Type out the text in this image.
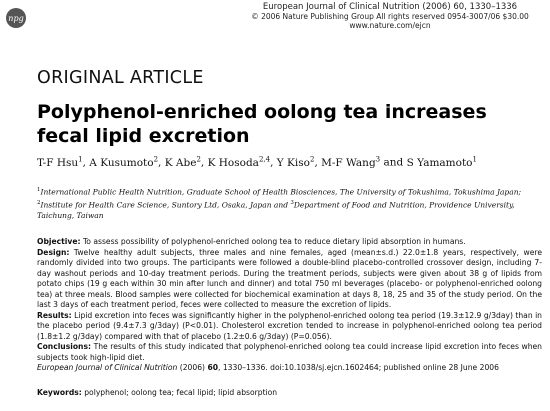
npg
European Journal of Clinical Nutrition (2006) 60, 1330–1336
© 2006 Nature Publishing Group All rights reserved 0954-3007/06 $30.00
www.nature.com/ejcn
ORIGINAL ARTICLE
Polyphenol-enriched oolong tea increases fecal lipid excretion
T-F Hsu$^1$, A Kusumoto$^2$, K Abe$^2$, K Hosoda$^{2,4}$, Y Kiso$^2$, M-F Wang$^3$ and S Yamamoto$^1$
$^1$International Public Health Nutrition, Graduate School of Health Biosciences, The University of Tokushima, Tokushima Japan;
$^2$Institute for Health Care Science, Suntory Ltd, Osaka, Japan and $^3$Department of Food and Nutrition, Providence University, Taichung, Taiwan

Objective: To assess possibility of polyphenol-enriched oolong tea to reduce dietary lipid absorption in humans.

Design: Twelve healthy adult subjects, three males and nine females, aged (mean±s.d.) 22.0±1.8 years, respectively, were randomly divided into two groups. The participants were followed a double-blind placebo-controlled crossover design, including 7-day washout periods and 10-day treatment periods. During the treatment periods, subjects were given about 38 g of lipids from potato chips (19 g each within 30 min after lunch and dinner) and total 750 ml beverages (placebo- or polyphenol-enriched oolong tea) at three meals. Blood samples were collected for biochemical examination at days 8, 18, 25 and 35 of the study period. On the last 3 days of each treatment period, feces were collected to measure the excretion of lipids.

Results: Lipid excretion into feces was significantly higher in the polyphenol-enriched oolong tea period (19.3±12.9 g/3day) than in the placebo period (9.4±7.3 g/3day) (P<0.01). Cholesterol excretion tended to increase in polyphenol-enriched oolong tea period (1.8±1.2 g/3day) compared with that of placebo (1.2±0.6 g/3day) (P=0.056).

Conclusions: The results of this study indicated that polyphenol-enriched oolong tea could increase lipid excretion into feces when subjects took high-lipid diet.

European Journal of Clinical Nutrition (2006) 60, 1330–1336. doi:10.1038/sj.ejcn.1602464; published online 28 June 2006

Keywords: polyphenol; oolong tea; fecal lipid; lipid absorption
